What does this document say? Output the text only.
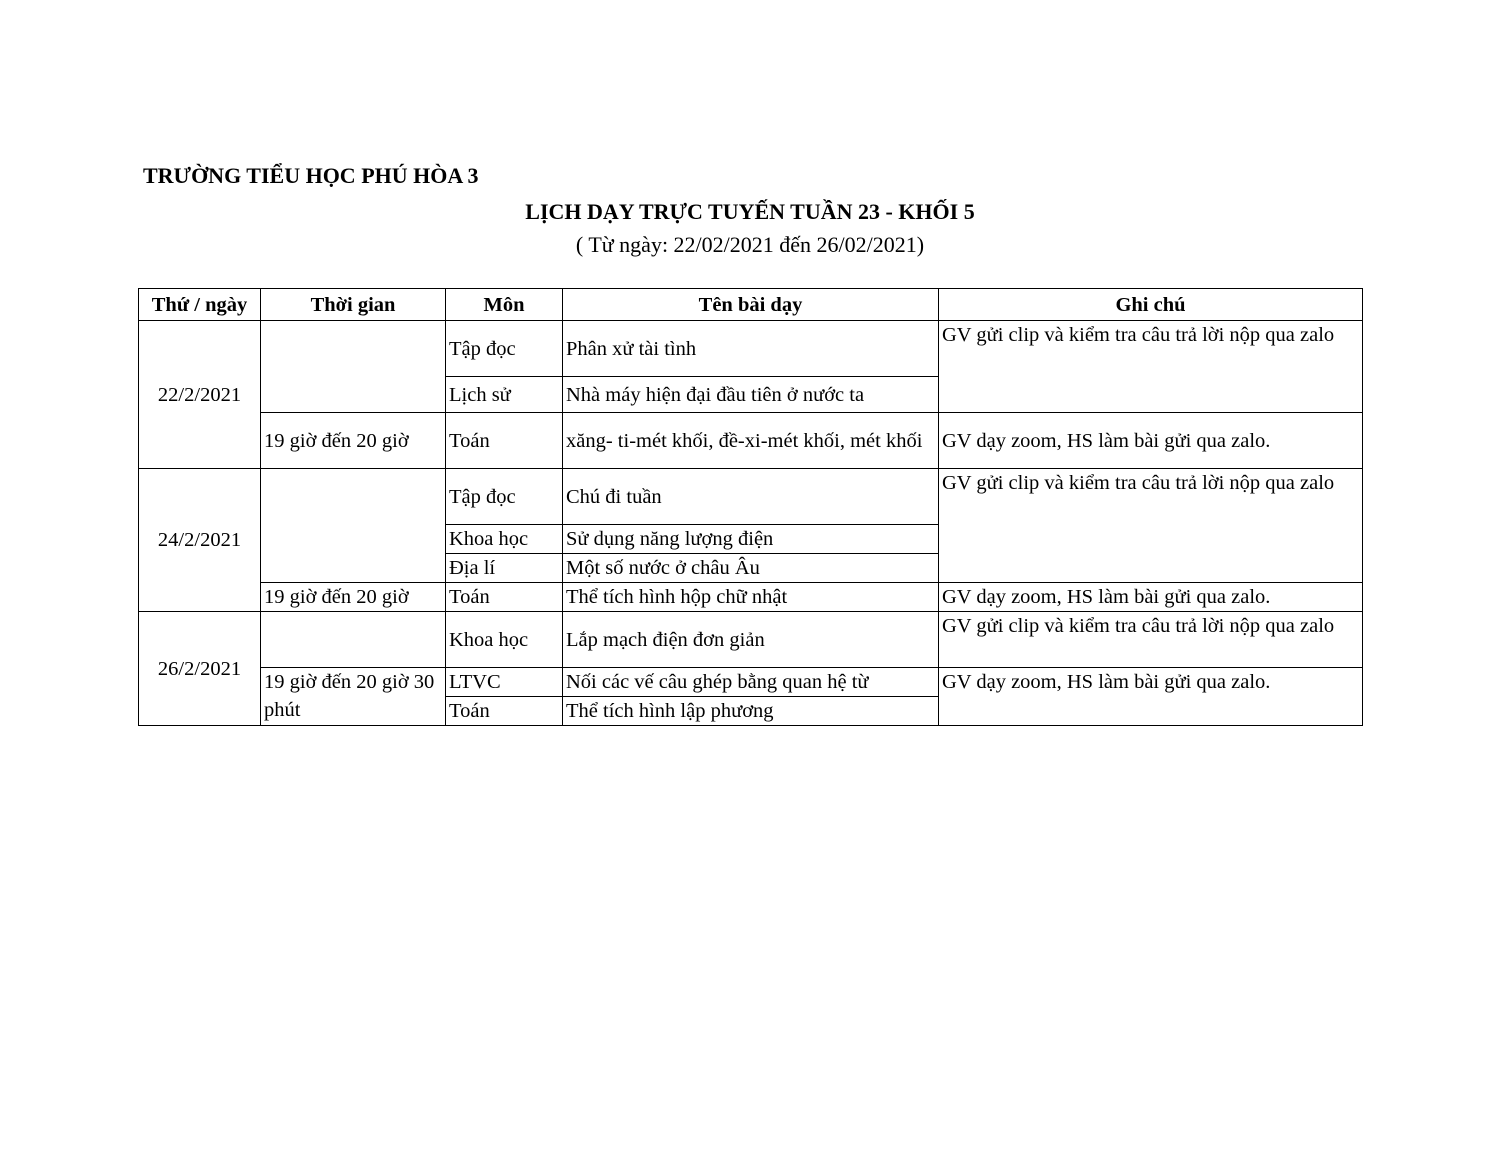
TRƯỜNG TIỂU HỌC PHÚ HÒA 3
LỊCH DẠY TRỰC TUYẾN TUẦN 23 - KHỐI 5
( Từ ngày: 22/02/2021 đến 26/02/2021)
Thứ / ngày	Thời gian	Môn	Tên bài dạy	Ghi chú
22/2/2021		Tập đọc	Phân xử tài tình	GV gửi clip và kiểm tra câu trả lời nộp qua zalo
		Lịch sử	Nhà máy hiện đại đầu tiên ở nước ta	
	19 giờ đến 20 giờ	Toán	xăng- ti-mét khối, đề-xi-mét khối, mét khối	GV dạy zoom, HS làm bài gửi qua zalo.
24/2/2021		Tập đọc	Chú đi tuần	GV gửi clip và kiểm tra câu trả lời nộp qua zalo
		Khoa học	Sử dụng năng lượng điện	
		Địa lí	Một số nước ở châu Âu	
	19 giờ đến 20 giờ	Toán	Thể tích hình hộp chữ nhật	GV dạy zoom, HS làm bài gửi qua zalo.
26/2/2021		Khoa học	Lắp mạch điện đơn giản	GV gửi clip và kiểm tra câu trả lời nộp qua zalo
	19 giờ đến 20 giờ 30 phút	LTVC	Nối các vế câu ghép bằng quan hệ từ	GV dạy zoom, HS làm bài gửi qua zalo.
		Toán	Thể tích hình lập phương	
